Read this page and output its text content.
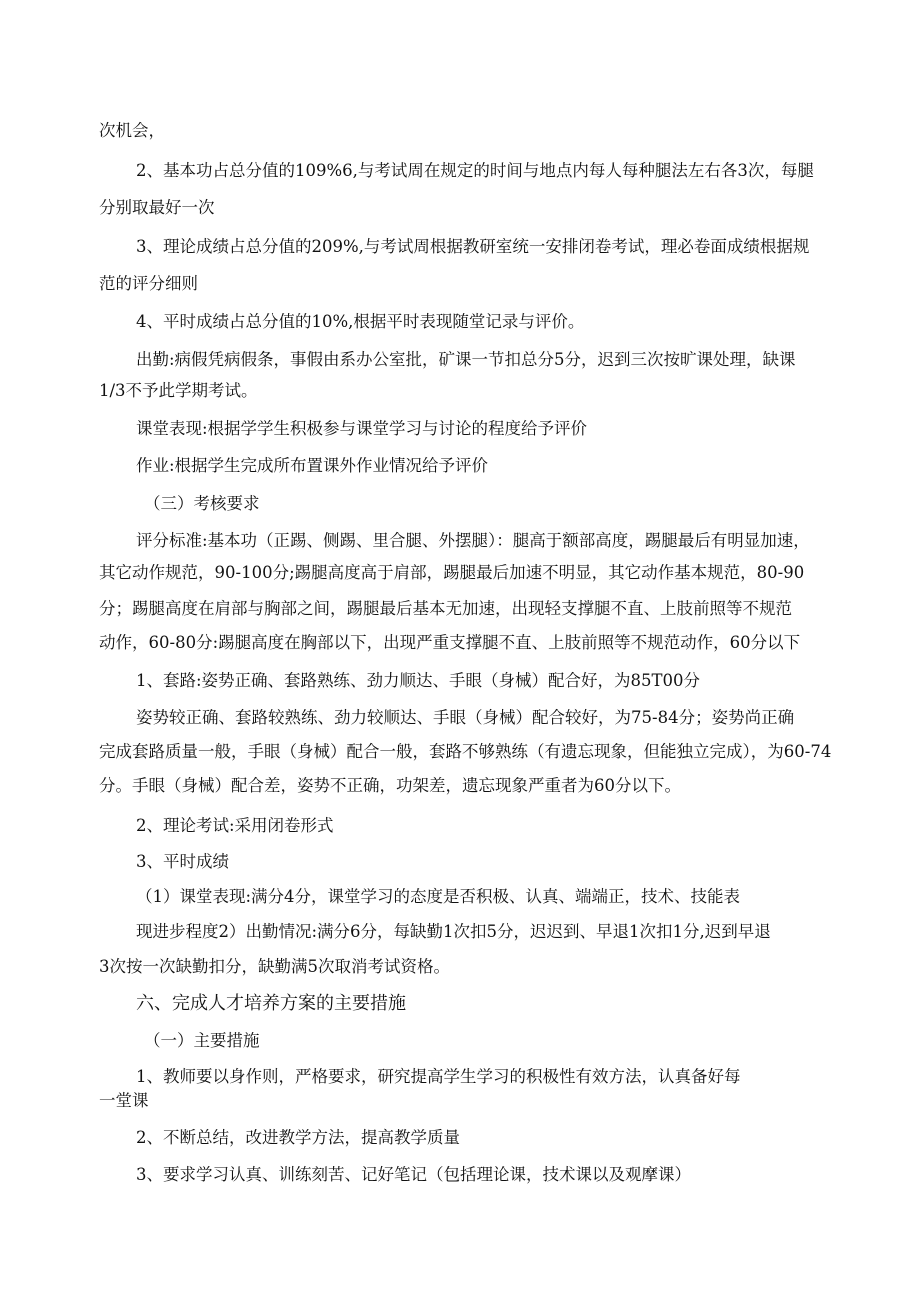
次机会，
2、基本功占总分值的109%6,与考试周在规定的时间与地点内每人每种腿法左右各3次，每腿
分别取最好一次
3、理论成绩占总分值的209%,与考试周根据教研室统一安排闭卷考试，理必卷面成绩根据规
范的评分细则
4、平时成绩占总分值的10%,根据平时表现随堂记录与评价。
出勤:病假凭病假条，事假由系办公室批，矿课一节扣总分5分，迟到三次按旷课处理，缺课
1/3不予此学期考试。
课堂表现:根据学学生积极参与课堂学习与讨论的程度给予评价
作业:根据学生完成所布置课外作业情况给予评价
（三）考核要求
评分标准:基本功（正踢、侧踢、里合腿、外摆腿）：腿高于额部高度，踢腿最后有明显加速，
其它动作规范，90-100分;踢腿高度高于肩部，踢腿最后加速不明显，其它动作基本规范，80-90
分；踢腿高度在肩部与胸部之间，踢腿最后基本无加速，出现轻支撑腿不直、上肢前照等不规范
动作，60-80分:踢腿高度在胸部以下，出现严重支撑腿不直、上肢前照等不规范动作，60分以下
1、套路:姿势正确、套路熟练、劲力顺达、手眼（身械）配合好，为85T00分
姿势较正确、套路较熟练、劲力较顺达、手眼（身械）配合较好，为75-84分；姿势尚正确
完成套路质量一般，手眼（身械）配合一般，套路不够熟练（有遗忘现象，但能独立完成），为60-74
分。手眼（身械）配合差，姿势不正确，功架差，遗忘现象严重者为60分以下。
2、理论考试:采用闭卷形式
3、平时成绩
（1）课堂表现:满分4分，课堂学习的态度是否积极、认真、端端正，技术、技能表
现进步程度2）出勤情况:满分6分，每缺勤1次扣5分，迟迟到、早退1次扣1分,迟到早退
3次按一次缺勤扣分，缺勤满5次取消考试资格。
六、完成人才培养方案的主要措施
（一）主要措施
1、教师要以身作则，严格要求，研究提高学生学习的积极性有效方法，认真备好每
一堂课
2、不断总结，改进教学方法，提高教学质量
3、要求学习认真、训练刻苦、记好笔记（包括理论课，技术课以及观摩课）
